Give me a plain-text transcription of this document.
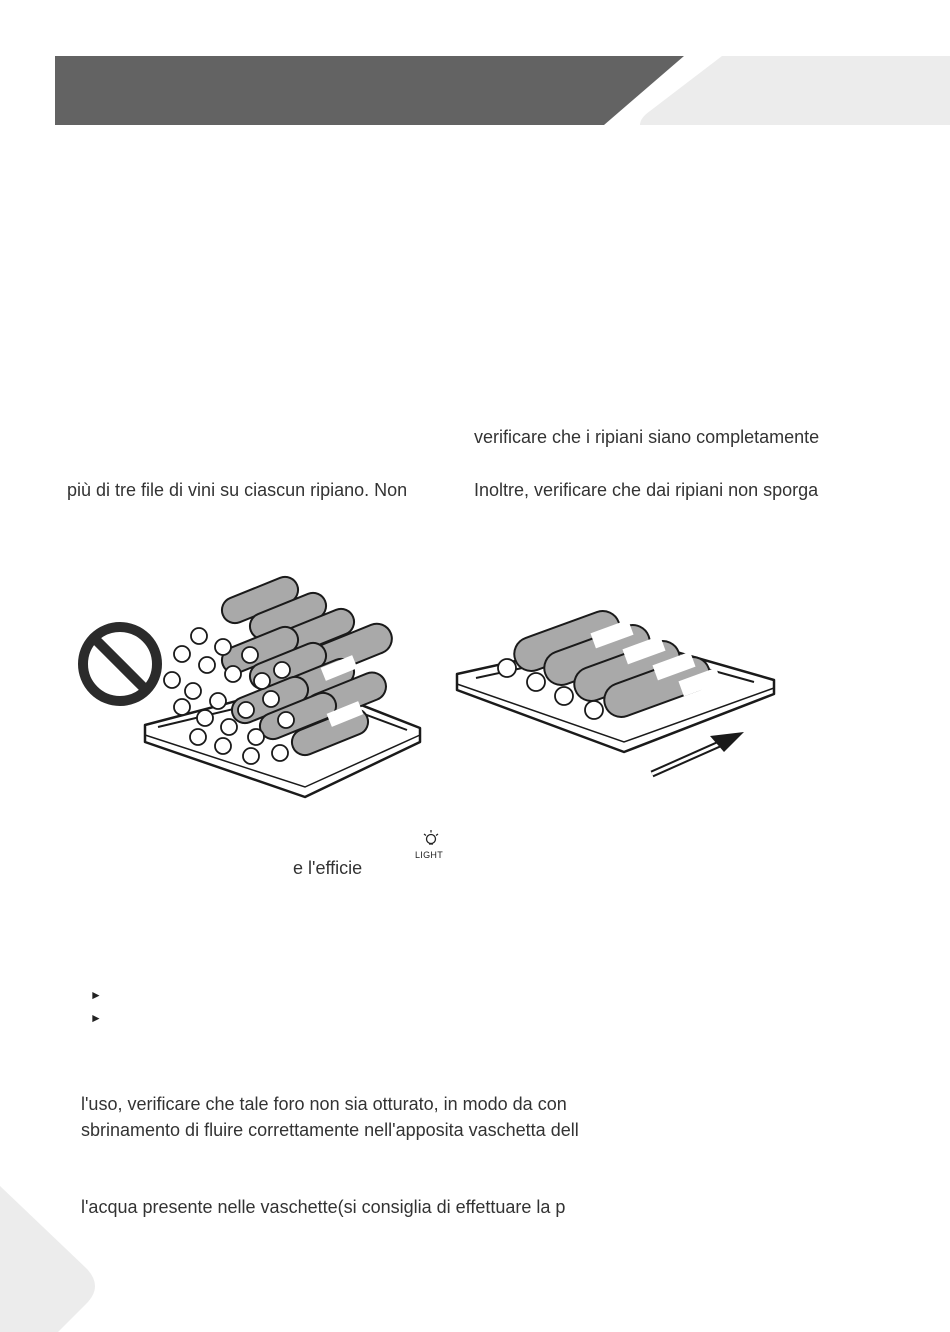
verificare che i ripiani siano completamente
più di tre file di vini su ciascun ripiano. Non	Inoltre, verificare che dai ripiani non sporga
LIGHT
e l'efficie
►
►
l'uso, verificare che tale foro non sia otturato, in modo da con
sbrinamento di fluire correttamente nell'apposita vaschetta dell
l'acqua presente nelle vaschette(si consiglia di effettuare la p
